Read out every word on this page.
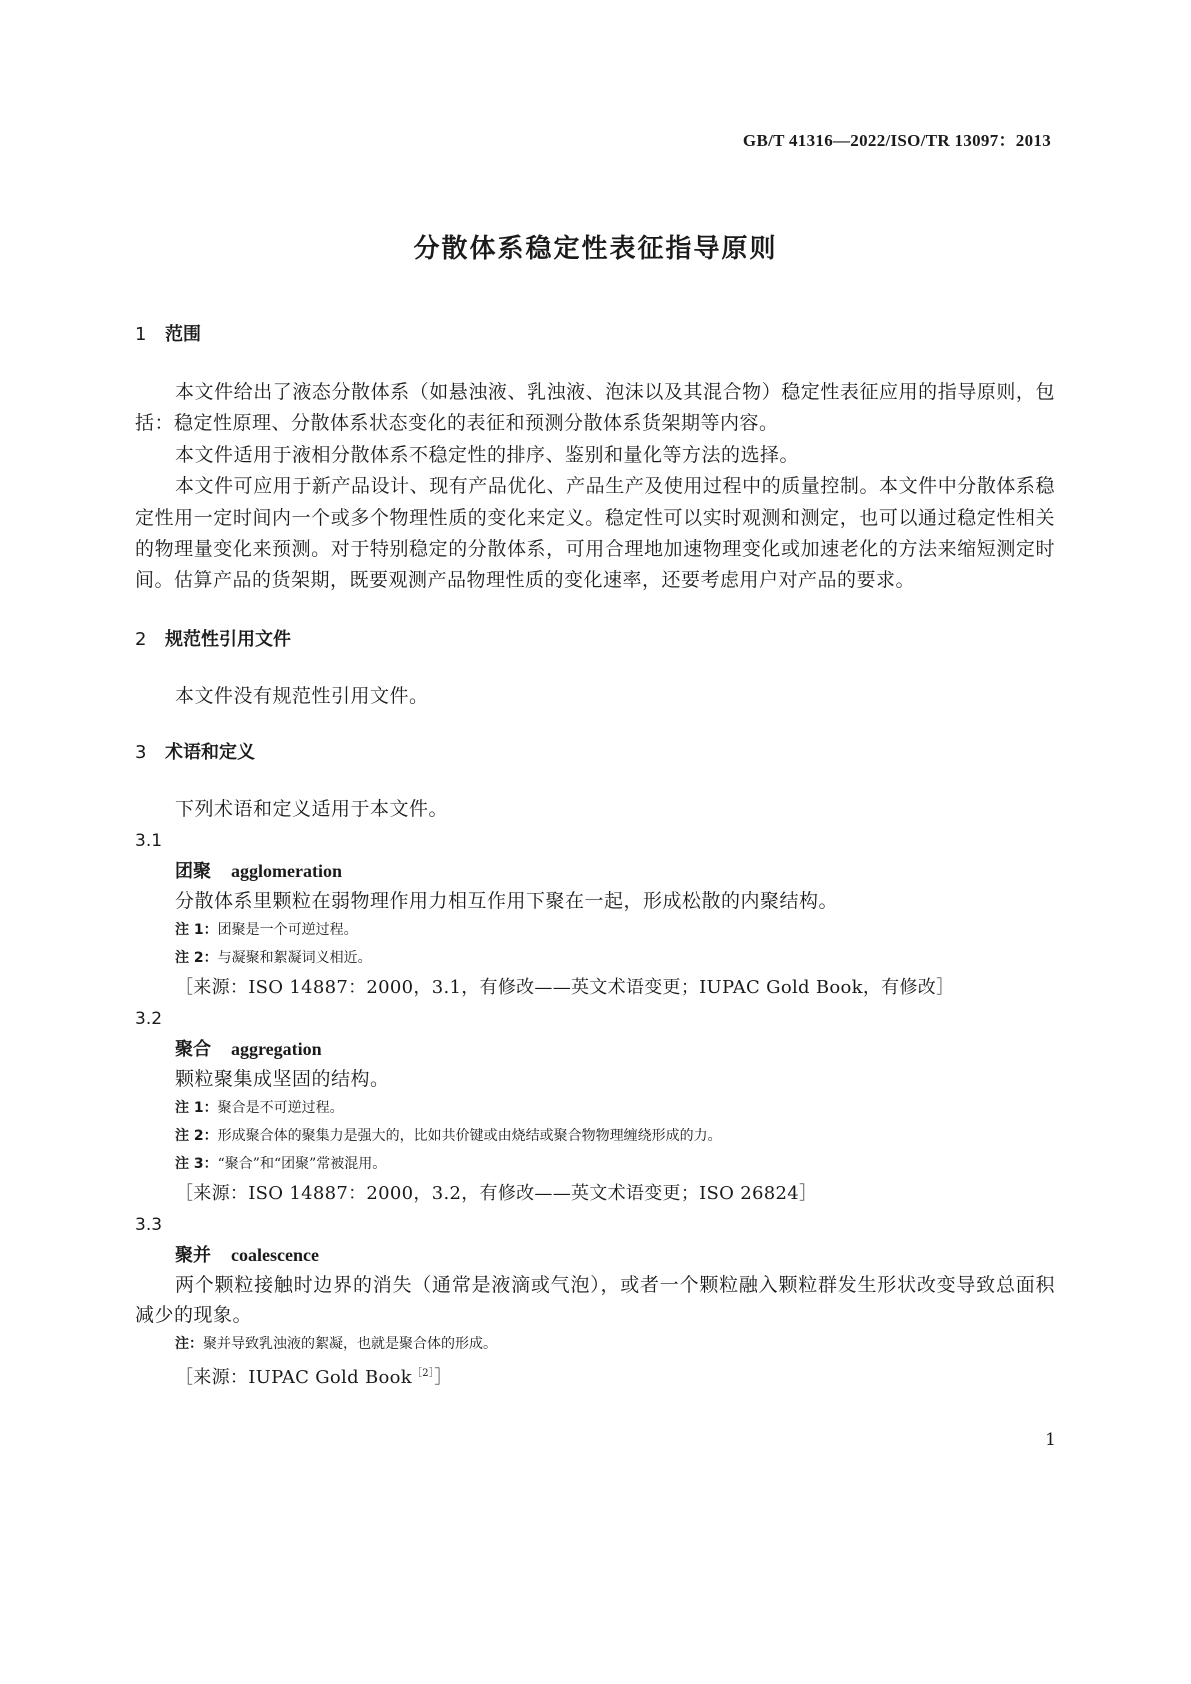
GB/T 41316—2022/ISO/TR 13097：2013
分散体系稳定性表征指导原则
1 范围

本文件给出了液态分散体系（如悬浊液、乳浊液、泡沫以及其混合物）稳定性表征应用的指导原则，包括：稳定性原理、分散体系状态变化的表征和预测分散体系货架期等内容。

本文件适用于液相分散体系不稳定性的排序、鉴别和量化等方法的选择。

本文件可应用于新产品设计、现有产品优化、产品生产及使用过程中的质量控制。本文件中分散体系稳定性用一定时间内一个或多个物理性质的变化来定义。稳定性可以实时观测和测定，也可以通过稳定性相关的物理量变化来预测。对于特别稳定的分散体系，可用合理地加速物理变化或加速老化的方法来缩短测定时间。估算产品的货架期，既要观测产品物理性质的变化速率，还要考虑用户对产品的要求。

2 规范性引用文件

本文件没有规范性引用文件。

3 术语和定义

下列术语和定义适用于本文件。

3.1
团聚 agglomeration

分散体系里颗粒在弱物理作用力相互作用下聚在一起，形成松散的内聚结构。

注 1：团聚是一个可逆过程。
注 2：与凝聚和絮凝词义相近。
［来源：ISO 14887：2000，3.1，有修改——英文术语变更；IUPAC Gold Book，有修改］
3.2
聚合 aggregation

颗粒聚集成坚固的结构。

注 1：聚合是不可逆过程。
注 2：形成聚合体的聚集力是强大的，比如共价键或由烧结或聚合物物理缠绕形成的力。
注 3：“聚合”和“团聚”常被混用。
［来源：ISO 14887：2000，3.2，有修改——英文术语变更；ISO 26824］
3.3
聚并 coalescence

两个颗粒接触时边界的消失（通常是液滴或气泡），或者一个颗粒融入颗粒群发生形状改变导致总面积减少的现象。

注：聚并导致乳浊液的絮凝，也就是聚合体的形成。
［来源：IUPAC Gold Book$^{[2]}$］
1
